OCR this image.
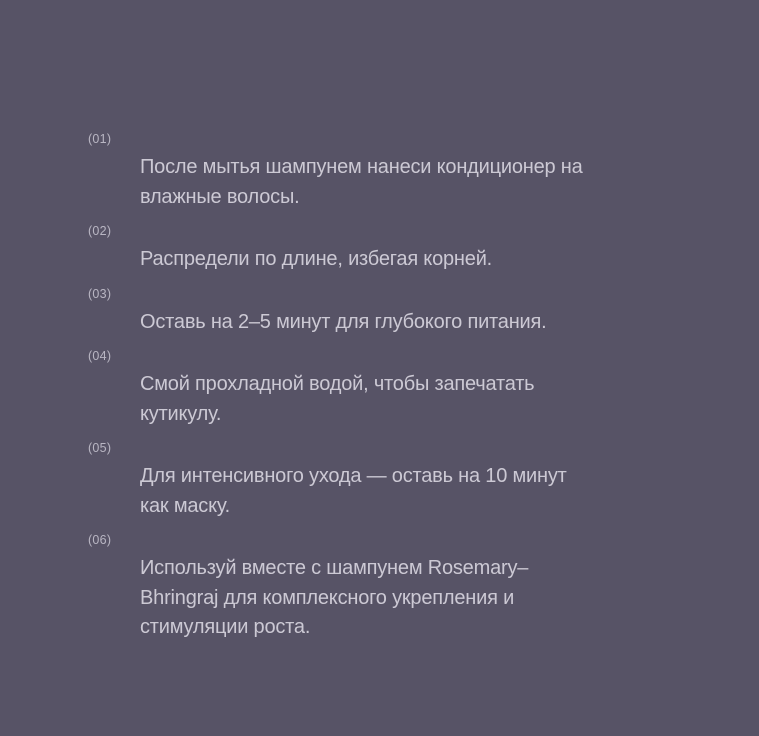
(01)
После мытья шампунем нанеси кондиционер на
влажные волосы.
(02)
Распредели по длине, избегая корней.
(03)
Оставь на 2–5 минут для глубокого питания.
(04)
Смой прохладной водой, чтобы запечатать
кутикулу.
(05)
Для интенсивного ухода — оставь на 10 минут
как маску.
(06)
Используй вместе с шампунем Rosemary–
Bhringraj для комплексного укрепления и
стимуляции роста.
